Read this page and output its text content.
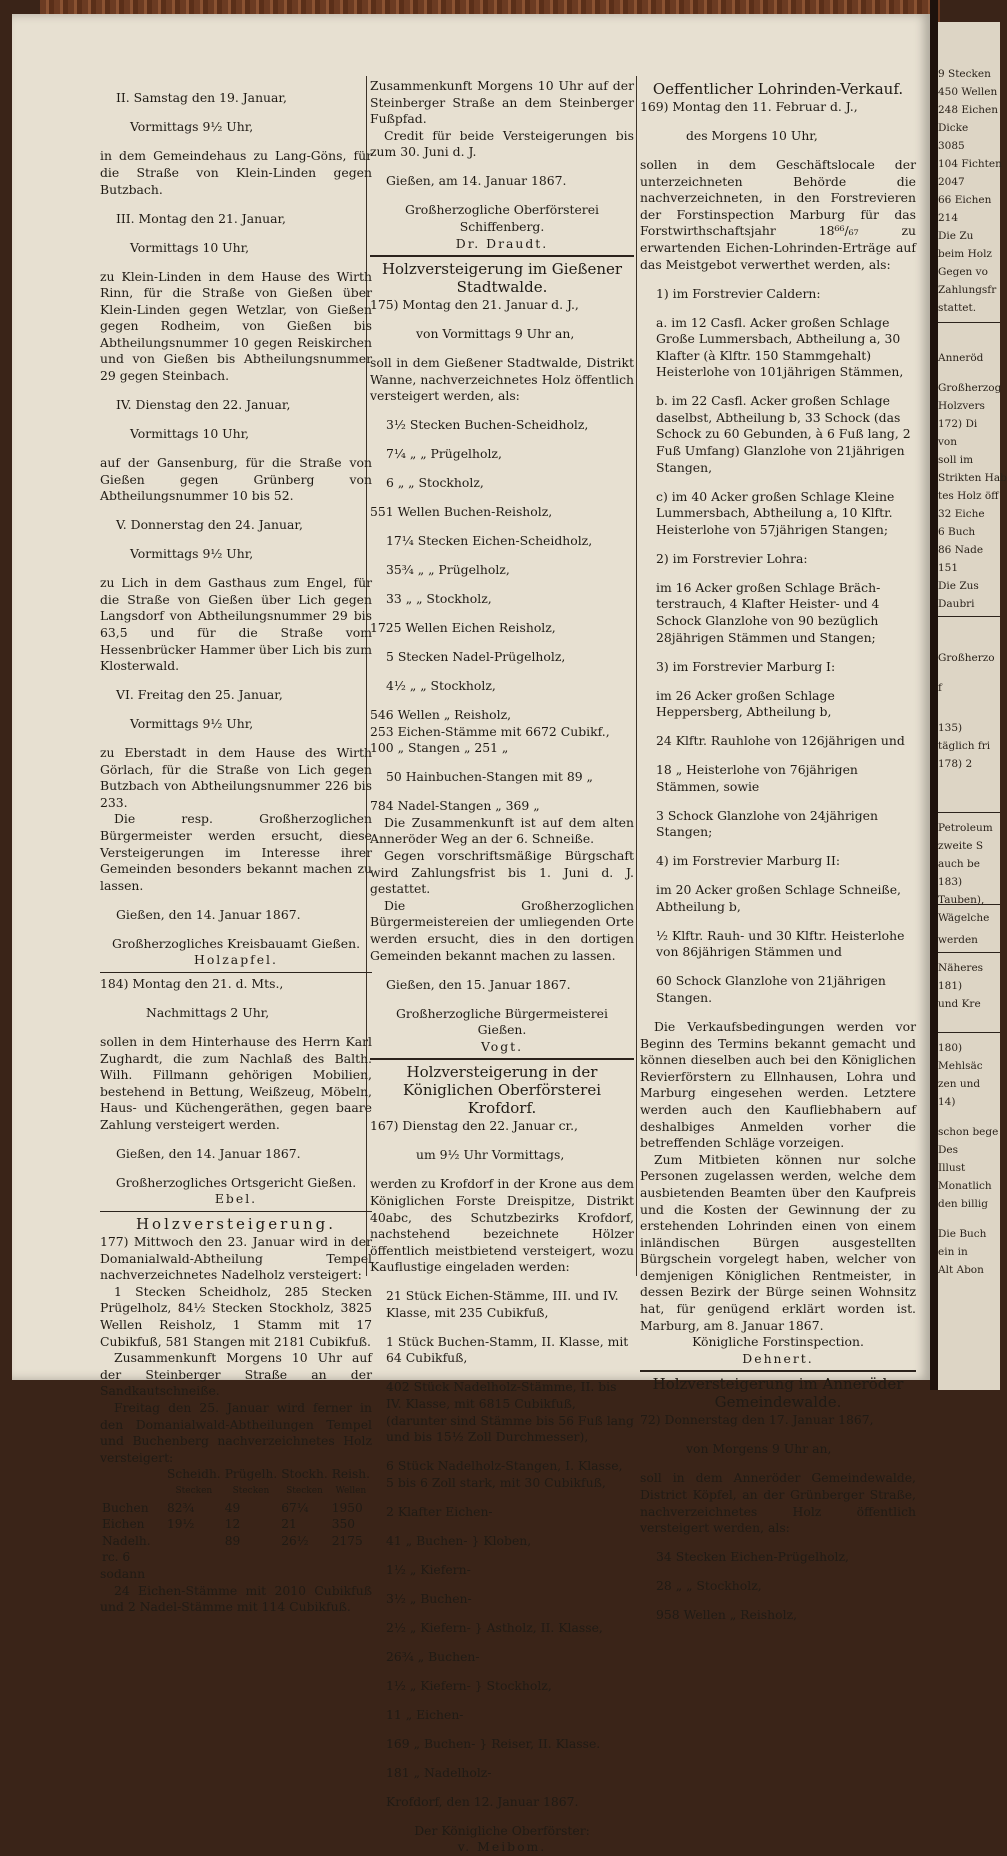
9 Stecken
450 Wellen
248 Eichen
Dicke
3085
104 Fichten
2047
66 Eichen
214
Die Zu
beim Holz
Gegen vo
Zahlungsfr
stattet.
Anneröd
Großherzog
Holzvers
172) Di
von
soll im
Strikten Hab
tes Holz öff
32 Eiche
6 Buch
86 Nade
151
Die Zus
Daubri
Großherzo
f
135)
täglich fri
178) 2
Petroleum
zweite S
auch be
183)
Tauben),
Wägelche
werden
Näheres
181)
und Kre
180)
Mehlsäc
zen und
14)
schon bege
Des
Illust
Monatlich
den billig
Die Buch
ein in
Alt Abon

II. Samstag den 19. Januar,

Vormittags 9½ Uhr,

in dem Gemeindehaus zu Lang-Göns, für die Straße von Klein-Linden gegen Butzbach.

III. Montag den 21. Januar,

Vormittags 10 Uhr,

zu Klein-Linden in dem Hause des Wirth Rinn, für die Straße von Gießen über Klein-Linden gegen Wetzlar, von Gießen gegen Rodheim, von Gießen bis Abtheilungsnummer 10 gegen Reiskirchen und von Gießen bis Abtheilungsnummer 29 gegen Steinbach.

IV. Dienstag den 22. Januar,

Vormittags 10 Uhr,

auf der Gansenburg, für die Straße von Gießen gegen Grünberg von Abtheilungsnummer 10 bis 52.

V. Donnerstag den 24. Januar,

Vormittags 9½ Uhr,

zu Lich in dem Gasthaus zum Engel, für die Straße von Gießen über Lich gegen Langsdorf von Abtheilungsnummer 29 bis 63,5 und für die Straße vom Hessenbrücker Hammer über Lich bis zum Klosterwald.

VI. Freitag den 25. Januar,

Vormittags 9½ Uhr,

zu Eberstadt in dem Hause des Wirth Görlach, für die Straße von Lich gegen Butzbach von Abtheilungsnummer 226 bis 233.

Die resp. Großherzoglichen Bürgermeister werden ersucht, diese Versteigerungen im Interesse ihrer Gemeinden besonders bekannt machen zu lassen.

Gießen, den 14. Januar 1867.

Großherzogliches Kreisbauamt Gießen.

Holzapfel.

184) Montag den 21. d. Mts.,

Nachmittags 2 Uhr,

sollen in dem Hinterhause des Herrn Karl Zughardt, die zum Nachlaß des Balth. Wilh. Fillmann gehörigen Mobilien, bestehend in Bettung, Weißzeug, Möbeln, Haus- und Küchengeräthen, gegen baare Zahlung versteigert werden.

Gießen, den 14. Januar 1867.

Großherzogliches Ortsgericht Gießen.

Ebel.

Holzversteigerung.

177) Mittwoch den 23. Januar wird in der Domanialwald-Abtheilung Tempel nachverzeichnetes Nadelholz versteigert:

1 Stecken Scheidholz, 285 Stecken Prügelholz, 84½ Stecken Stockholz, 3825 Wellen Reisholz, 1 Stamm mit 17 Cubikfuß, 581 Stangen mit 2181 Cubikfuß.

Zusammenkunft Morgens 10 Uhr auf der Steinberger Straße an der Sandkautschneiße.

Freitag den 25. Januar wird ferner in den Domanialwald-Abtheilungen Tempel und Buchenberg nachverzeichnetes Holz versteigert:

	Scheidh.	Prügelh.	Stockh.	Reish.
	Stecken	Stecken	Stecken	Wellen
Buchen	82¾	49	67¼	1950
Eichen	19½	12	21	350
Nadelh. rc. 6		89	26½	2175

sodann

24 Eichen-Stämme mit 2010 Cubikfuß und 2 Nadel-Stämme mit 114 Cubikfuß.

Zusammenkunft Morgens 10 Uhr auf der Steinberger Straße an dem Steinberger Fußpfad.

Credit für beide Versteigerungen bis zum 30. Juni d. J.

Gießen, am 14. Januar 1867.

Großherzogliche Oberförsterei Schiffenberg.

Dr. Draudt.

Holzversteigerung im Gießener Stadtwalde.

175) Montag den 21. Januar d. J.,

von Vormittags 9 Uhr an,

soll in dem Gießener Stadtwalde, Distrikt Wanne, nachverzeichnetes Holz öffentlich versteigert werden, als:

3½ Stecken Buchen-Scheidholz,

7¼ „ „ Prügelholz,

6 „ „ Stockholz,

551 Wellen Buchen-Reisholz,

17¼ Stecken Eichen-Scheidholz,

35¾ „ „ Prügelholz,

33 „ „ Stockholz,

1725 Wellen Eichen Reisholz,

5 Stecken Nadel-Prügelholz,

4½ „ „ Stockholz,

546 Wellen „ Reisholz,

253 Eichen-Stämme mit 6672 Cubikf.,

100 „ Stangen „ 251 „

50 Hainbuchen-Stangen mit 89 „

784 Nadel-Stangen „ 369 „

Die Zusammenkunft ist auf dem alten Anneröder Weg an der 6. Schneiße.

Gegen vorschriftsmäßige Bürgschaft wird Zahlungsfrist bis 1. Juni d. J. gestattet.

Die Großherzoglichen Bürgermeistereien der umliegenden Orte werden ersucht, dies in den dortigen Gemeinden bekannt machen zu lassen.

Gießen, den 15. Januar 1867.

Großherzogliche Bürgermeisterei Gießen.

Vogt.

Holzversteigerung in der Königlichen Oberförsterei Krofdorf.

167) Dienstag den 22. Januar cr.,

um 9½ Uhr Vormittags,

werden zu Krofdorf in der Krone aus dem Königlichen Forste Dreispitze, Distrikt 40abc, des Schutzbezirks Krofdorf, nachstehend bezeichnete Hölzer öffentlich meistbietend versteigert, wozu Kauflustige eingeladen werden:

21 Stück Eichen-Stämme, III. und IV. Klasse, mit 235 Cubikfuß,

1 Stück Buchen-Stamm, II. Klasse, mit 64 Cubikfuß,

402 Stück Nadelholz-Stämme, II. bis IV. Klasse, mit 6815 Cubikfuß, (darunter sind Stämme bis 56 Fuß lang und bis 15½ Zoll Durchmesser),

6 Stück Nadelholz-Stangen, I. Klasse, 5 bis 6 Zoll stark, mit 30 Cubikfuß,

2 Klafter Eichen-

41 „ Buchen- } Kloben,

1½ „ Kiefern-

3½ „ Buchen-

2½ „ Kiefern- } Astholz, II. Klasse,

26¾ „ Buchen-

1½ „ Kiefern- } Stockholz,

11 „ Eichen-

169 „ Buchen- } Reiser, II. Klasse.

181 „ Nadelholz-

Krofdorf, den 12. Januar 1867.

Der Königliche Oberförster:

v. Meibom.

Oeffentlicher Lohrinden-Verkauf.

169) Montag den 11. Februar d. J.,

des Morgens 10 Uhr,

sollen in dem Geschäftslocale der unterzeichneten Behörde die nachverzeichneten, in den Forstrevieren der Forstinspection Marburg für das Forstwirthschaftsjahr 18⁶⁶/₆₇ zu erwartenden Eichen-Lohrinden-Erträge auf das Meistgebot verwerthet werden, als:

1) im Forstrevier Caldern:

a. im 12 Casfl. Acker großen Schlage Große Lummersbach, Abtheilung a, 30 Klafter (à Klftr. 150 Stammgehalt) Heisterlohe von 101jährigen Stämmen,

b. im 22 Casfl. Acker großen Schlage daselbst, Abtheilung b, 33 Schock (das Schock zu 60 Gebunden, à 6 Fuß lang, 2 Fuß Umfang) Glanzlohe von 21jährigen Stangen,

c) im 40 Acker großen Schlage Kleine Lummersbach, Abtheilung a, 10 Klftr. Heisterlohe von 57jährigen Stangen;

2) im Forstrevier Lohra:

im 16 Acker großen Schlage Brächterstrauch, 4 Klafter Heister- und 4 Schock Glanzlohe von 90 bezüglich 28jährigen Stämmen und Stangen;

3) im Forstrevier Marburg I:

im 26 Acker großen Schlage Heppersberg, Abtheilung b,

24 Klftr. Rauhlohe von 126jährigen und

18 „ Heisterlohe von 76jährigen Stämmen, sowie

3 Schock Glanzlohe von 24jährigen Stangen;

4) im Forstrevier Marburg II:

im 20 Acker großen Schlage Schneiße, Abtheilung b,

½ Klftr. Rauh- und 30 Klftr. Heisterlohe von 86jährigen Stämmen und

60 Schock Glanzlohe von 21jährigen Stangen.

Die Verkaufsbedingungen werden vor Beginn des Termins bekannt gemacht und können dieselben auch bei den Königlichen Revierförstern zu Ellnhausen, Lohra und Marburg eingesehen werden. Letztere werden auch den Kaufliebhabern auf deshalbiges Anmelden vorher die betreffenden Schläge vorzeigen.

Zum Mitbieten können nur solche Personen zugelassen werden, welche dem ausbietenden Beamten über den Kaufpreis und die Kosten der Gewinnung der zu erstehenden Lohrinden einen von einem inländischen Bürgen ausgestellten Bürgschein vorgelegt haben, welcher von demjenigen Königlichen Rentmeister, in dessen Bezirk der Bürge seinen Wohnsitz hat, für genügend erklärt worden ist. Marburg, am 8. Januar 1867.

Königliche Forstinspection.

Dehnert.

Holzversteigerung im Anneröder Gemeindewalde.

72) Donnerstag den 17. Januar 1867,

von Morgens 9 Uhr an,

soll in dem Anneröder Gemeindewalde, District Köpfel, an der Grünberger Straße, nachverzeichnetes Holz öffentlich versteigert werden, als:

34 Stecken Eichen-Prügelholz,

28 „ „ Stockholz,

958 Wellen „ Reisholz,
